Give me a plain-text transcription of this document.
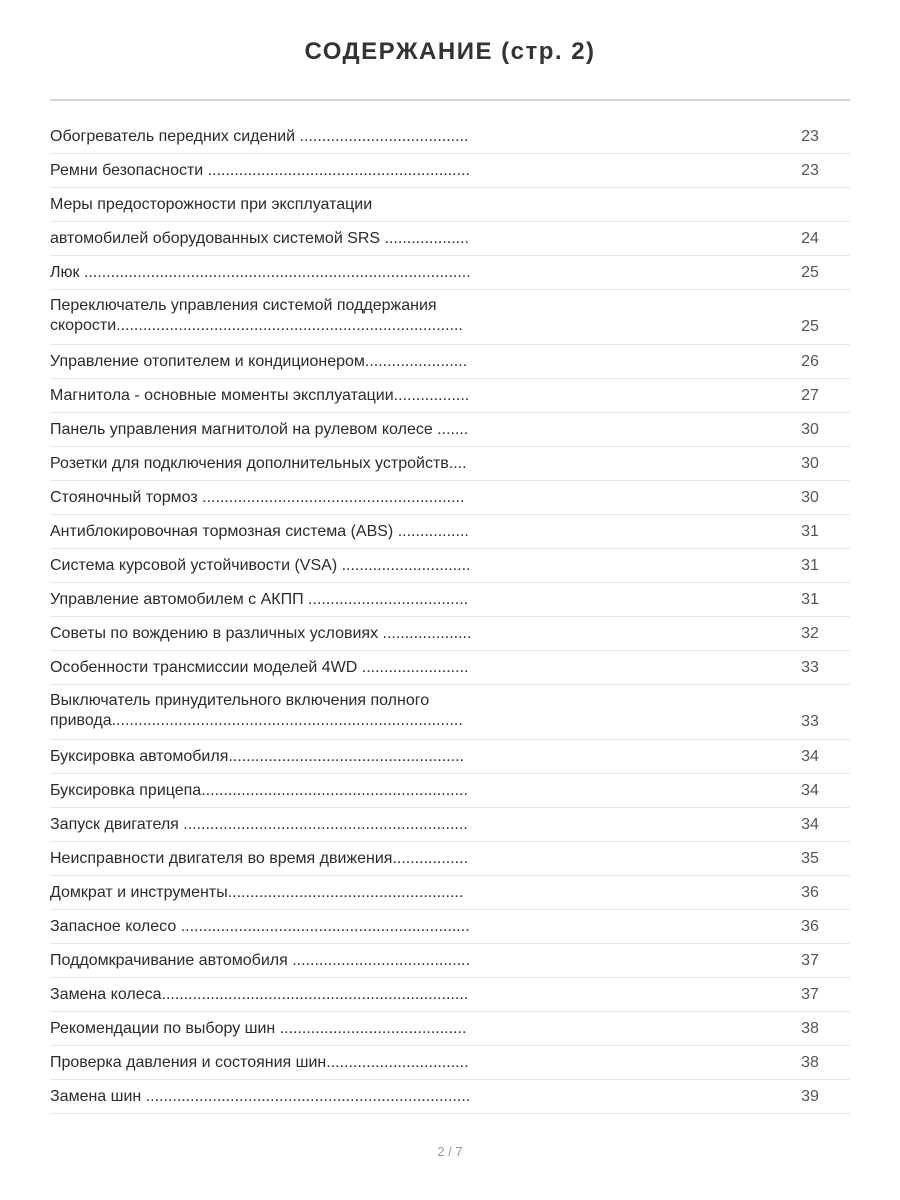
СОДЕРЖАНИЕ (стр. 2)
Обогреватель передних сидений ......................................	23
Ремни безопасности ...........................................................	23
Меры предосторожности при эксплуатации
автомобилей оборудованных системой SRS ...................	24
Люк .......................................................................................	25
Переключатель управления системой поддержания
скорости..............................................................................	25
Управление отопителем и кондиционером.......................	26
Магнитола - основные моменты эксплуатации.................	27
Панель управления магнитолой на рулевом колесе .......	30
Розетки для подключения дополнительных устройств....	30
Стояночный тормоз ...........................................................	30
Антиблокировочная тормозная система (ABS) ................	31
Система курсовой устойчивости (VSA) .............................	31
Управление автомобилем с АКПП ....................................	31
Советы по вождению в различных условиях ....................	32
Особенности трансмиссии моделей 4WD ........................	33
Выключатель принудительного включения полного
привода...............................................................................	33
Буксировка автомобиля.....................................................	34
Буксировка прицепа............................................................	34
Запуск двигателя ................................................................	34
Неисправности двигателя во время движения.................	35
Домкрат и инструменты.....................................................	36
Запасное колесо .................................................................	36
Поддомкрачивание автомобиля ........................................	37
Замена колеса.....................................................................	37
Рекомендации по выбору шин ..........................................	38
Проверка давления и состояния шин................................	38
Замена шин .........................................................................	39
2 / 7
